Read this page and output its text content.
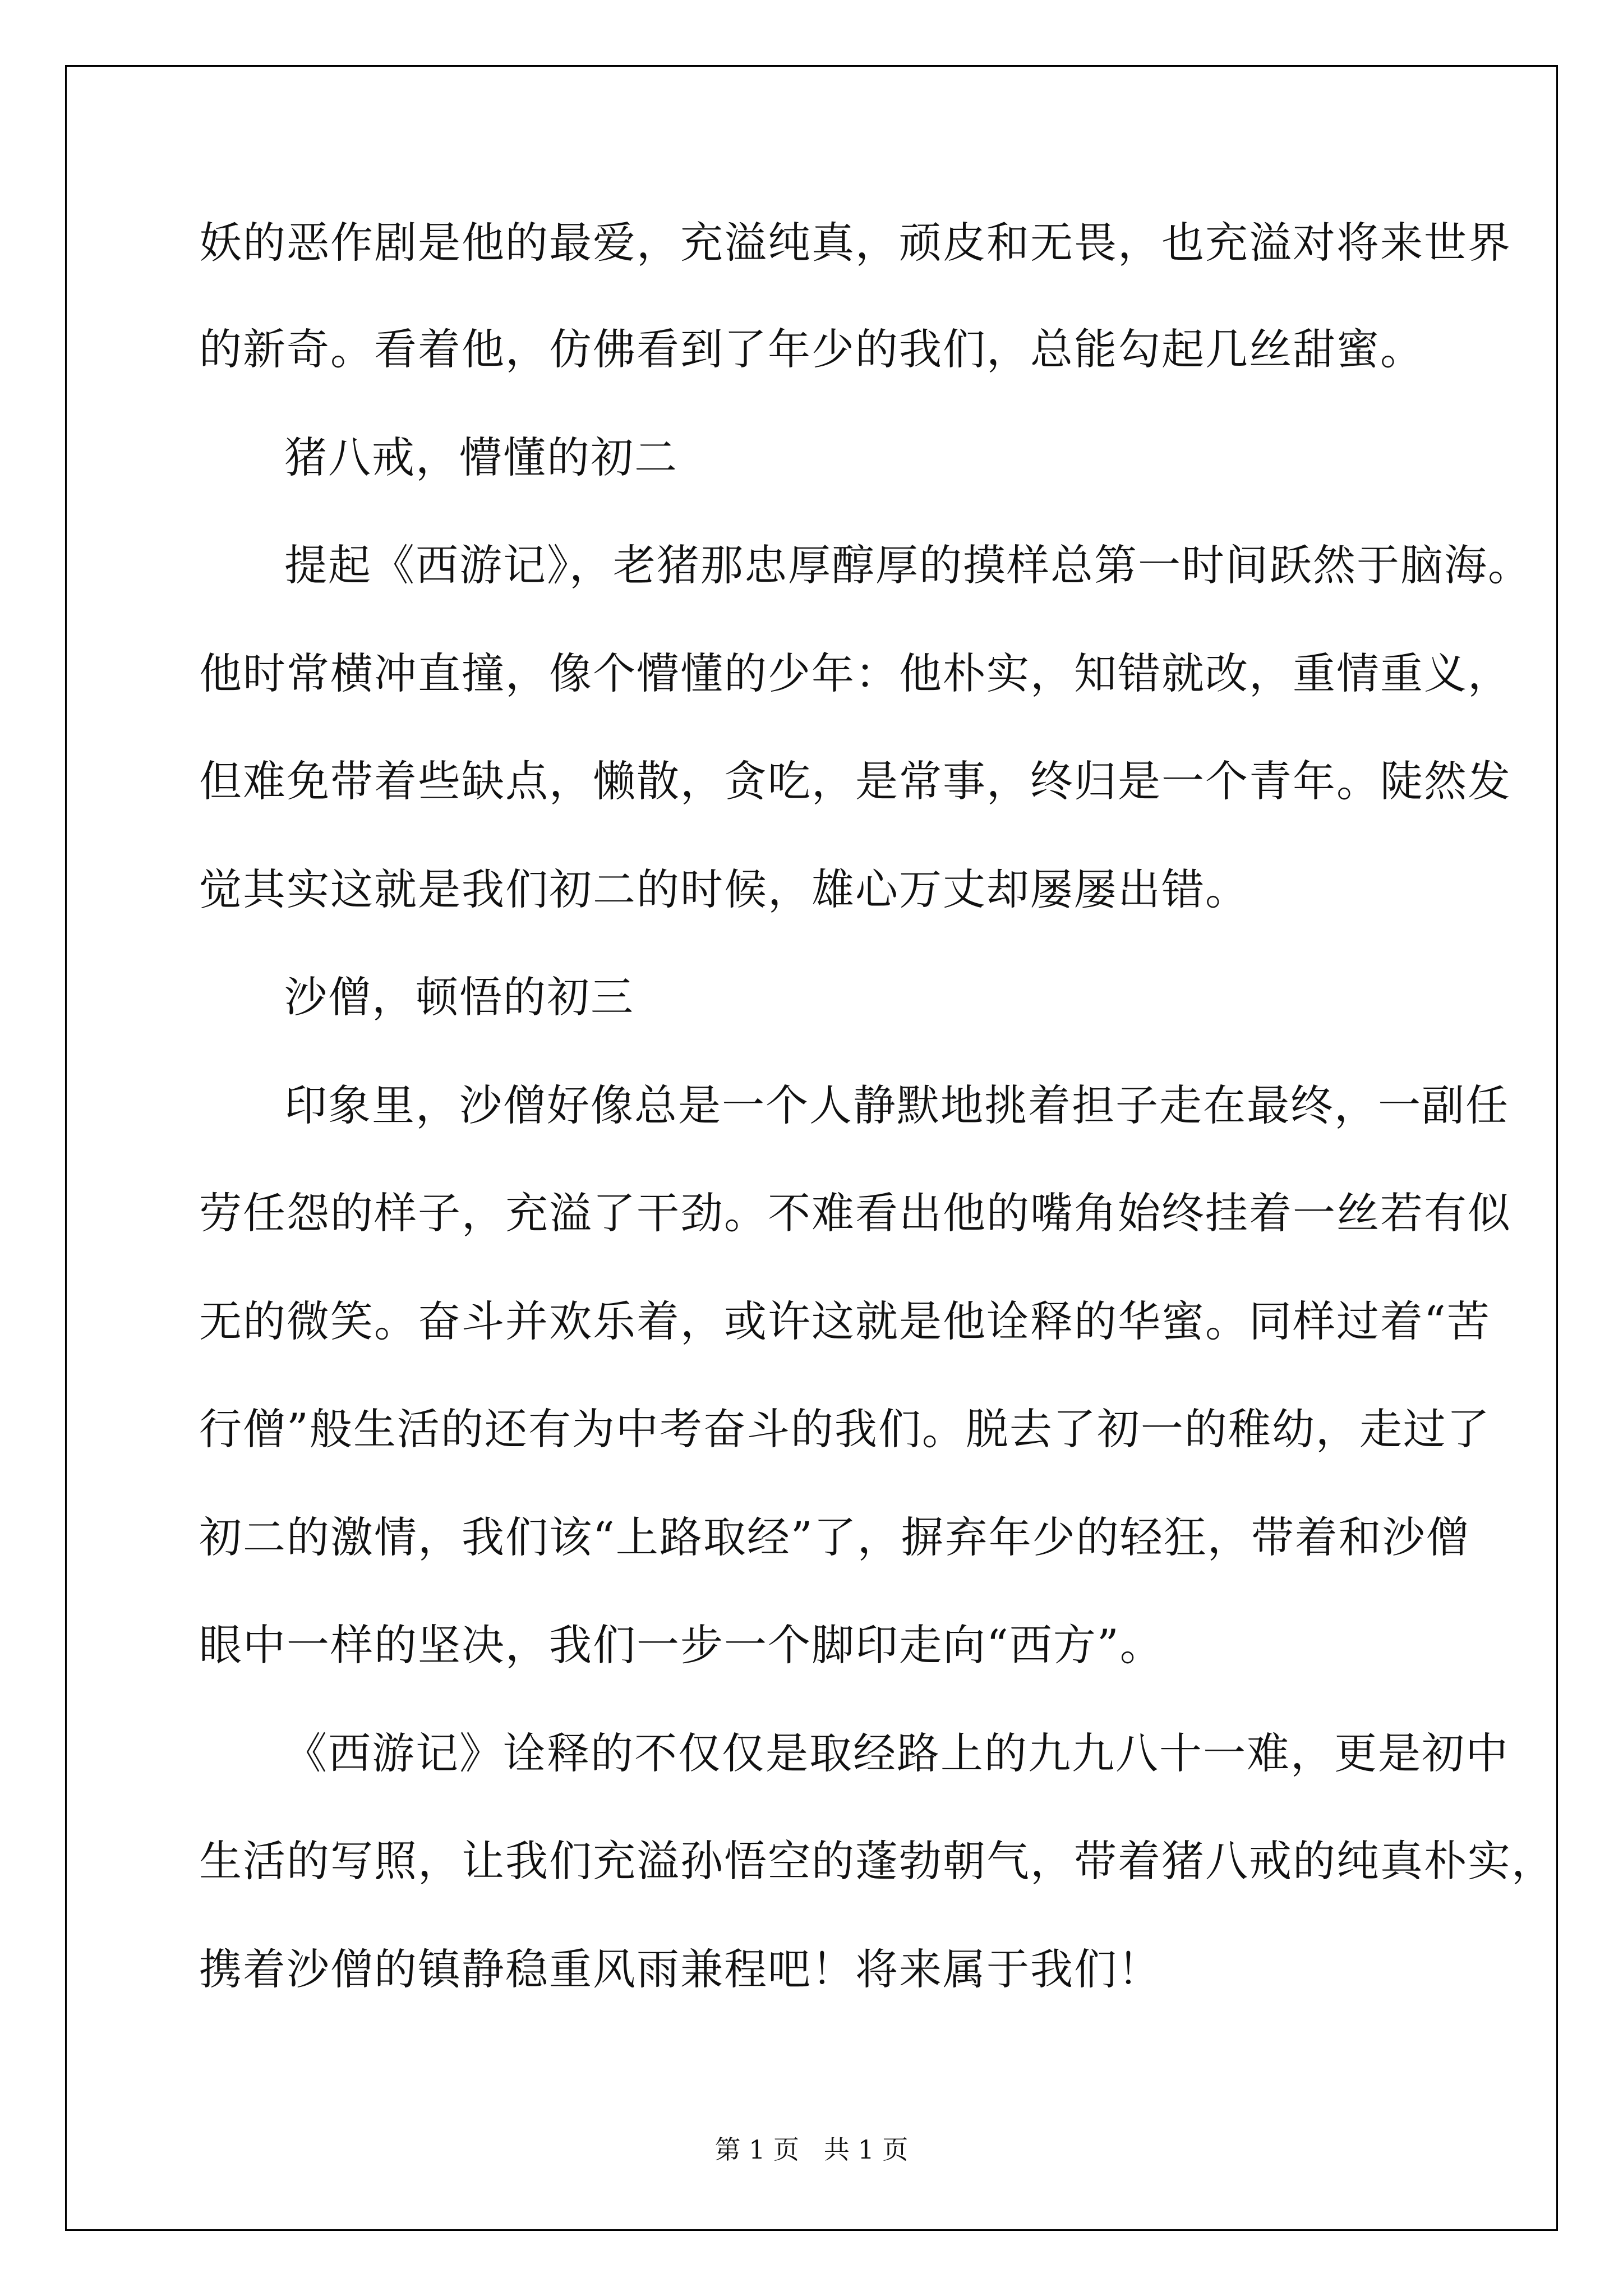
妖的恶作剧是他的最爱，充溢纯真，顽皮和无畏，也充溢对将来世界
的新奇。看着他，仿佛看到了年少的我们，总能勾起几丝甜蜜。
猪八戒，懵懂的初二
提起《西游记》，老猪那忠厚醇厚的摸样总第一时间跃然于脑海。
他时常横冲直撞，像个懵懂的少年：他朴实，知错就改，重情重义，
但难免带着些缺点，懒散，贪吃，是常事，终归是一个青年。陡然发
觉其实这就是我们初二的时候，雄心万丈却屡屡出错。
沙僧，顿悟的初三
印象里，沙僧好像总是一个人静默地挑着担子走在最终，一副任
劳任怨的样子，充溢了干劲。不难看出他的嘴角始终挂着一丝若有似
无的微笑。奋斗并欢乐着，或许这就是他诠释的华蜜。同样过着“苦
行僧”般生活的还有为中考奋斗的我们。脱去了初一的稚幼，走过了
初二的激情，我们该“上路取经”了，摒弃年少的轻狂，带着和沙僧
眼中一样的坚决，我们一步一个脚印走向“西方”。
《西游记》诠释的不仅仅是取经路上的九九八十一难，更是初中
生活的写照，让我们充溢孙悟空的蓬勃朝气，带着猪八戒的纯真朴实，
携着沙僧的镇静稳重风雨兼程吧！将来属于我们！
第 1 页   共 1 页
